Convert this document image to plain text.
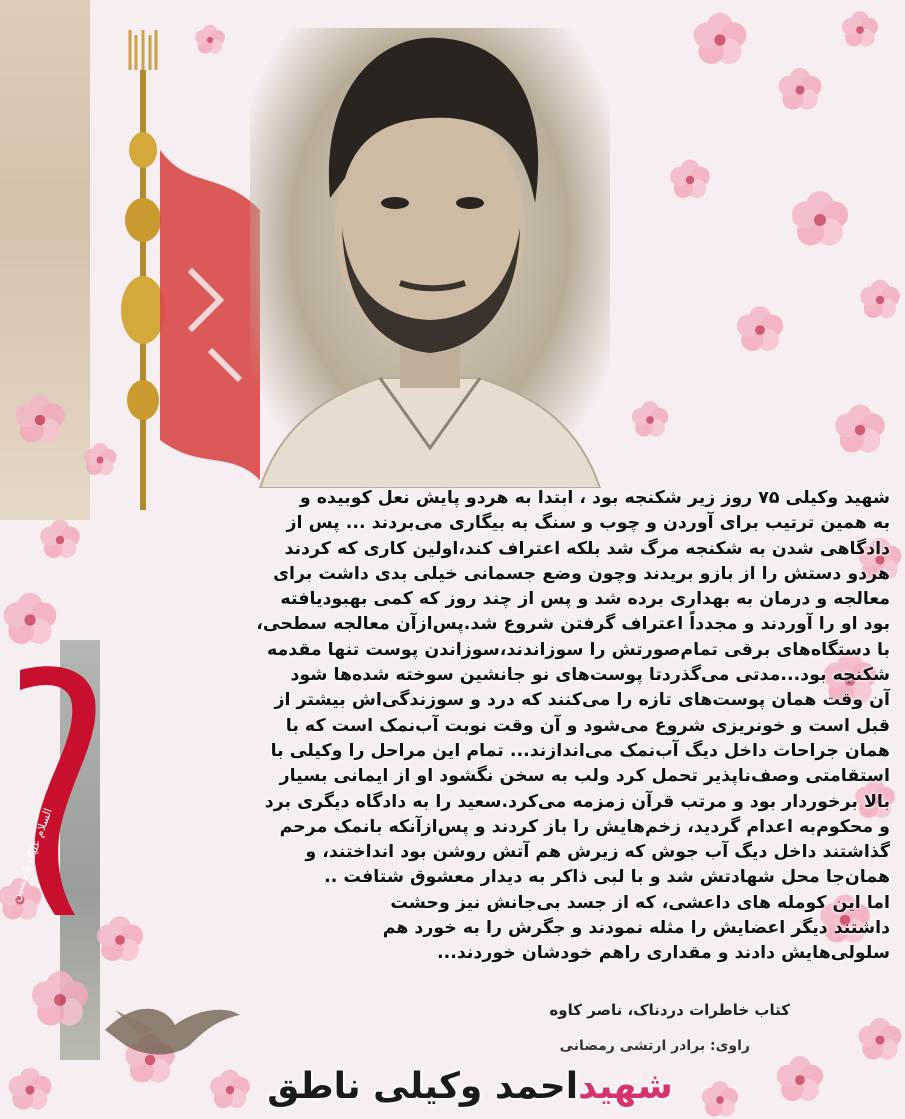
السلام علیک یا حسین
شهید وکیلی ۷۵ روز زیر شکنجه بود ، ابتدا به هردو پایش نعل کوبیده و
به همین ترتیب برای آوردن و چوب و سنگ به بیگاری می‌بردند ... پس از
دادگاهی شدن به شکنجه مرگ شد بلکه اعتراف کند،اولین کاری که کردند
هردو دستش را از بازو بریدند وچون وضع جسمانی خیلی بدی داشت برای
معالجه و درمان به بهداری برده شد و پس از چند روز که کمی بهبودیافته
بود او را آوردند و مجدداً اعتراف گرفتن شروع شد.پس‌ازآن معالجه سطحی،
با دستگاه‌های برقی تمام‌صورتش را سوزاندند،سوزاندن پوست تنها مقدمه
شکنجه بود...مدتی می‌گذردتا پوست‌های نو جانشین سوخته شده‌ها شود
آن وقت همان پوست‌های تازه را می‌کنند که درد و سوزندگی‌اش بیشتر از
قبل است و خونریزی شروع می‌شود و آن وقت نوبت آب‌نمک است که با
همان جراحات داخل دیگ آب‌نمک می‌اندازند... تمام این مراحل را وکیلی با
استقامتی وصف‌ناپذیر تحمل کرد ولب به سخن نگشود او از ایمانی بسیار
بالا برخوردار بود و مرتب قرآن زمزمه می‌کرد.سعید را به دادگاه دیگری برد
و محکوم‌به اعدام گردید، زخم‌هایش را باز کردند و پس‌ازآنکه بانمک مرحم
گذاشتند داخل دیگ آب جوش که زیرش هم آتش روشن بود انداختند، و
همان‌جا محل شهادتش شد و با لبی ذاکر به دیدار معشوق شتافت ..
اما این کومله های داعشی، که از جسد بی‌جانش نیز وحشت
داشتند دیگر اعضایش را مثله نمودند و جگرش را به خورد هم
سلولی‌هایش دادند و مقداری راهم خودشان خوردند...
کتاب خاطرات دردناک، ناصر کاوه
راوی: برادر ارتشی رمضانی
شهیداحمد وکیلی ناطق
